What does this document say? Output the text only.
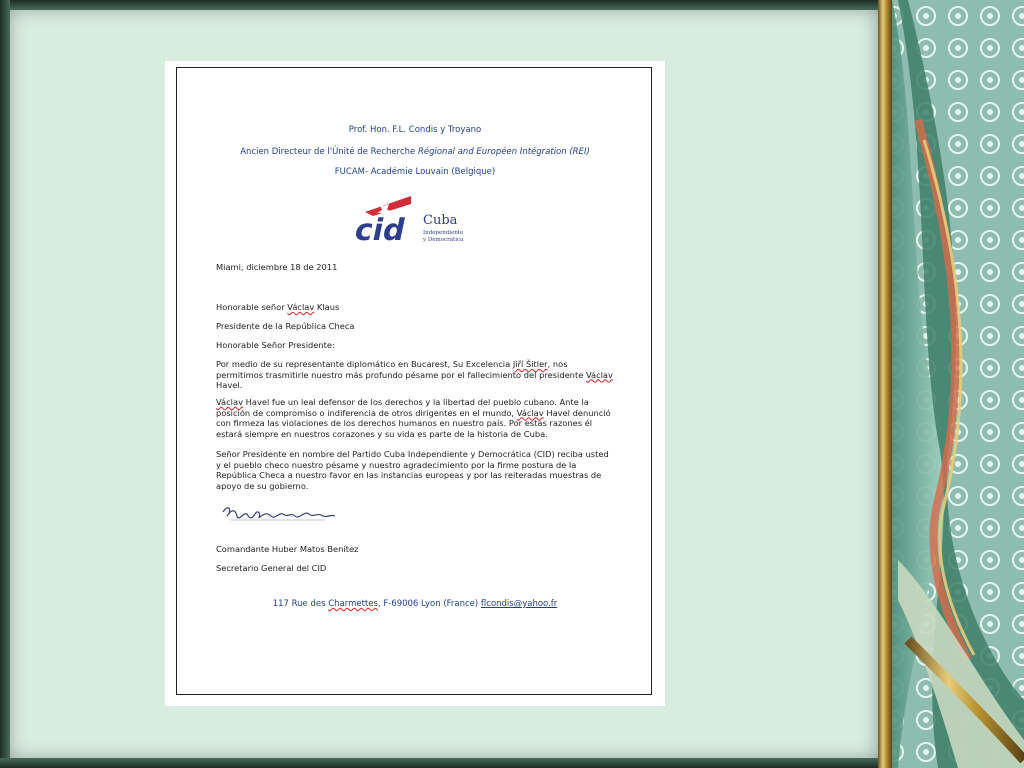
Prof. Hon. F.L. Condis y Troyano
Ancien Directeur de l'Únité de Recherche Régional and Européen Intégration (REI)
FUCAM- Académie Louvain (Belgique)
cid Cuba
Independiente
y Democrática
Miami, diciembre 18 de 2011
Honorable señor Václav Klaus
Presidente de la República Checa
Honorable Señor Presidente:
Por medio de su representante diplomático en Bucarest, Su Excelencia Jiří Šitler, nos permitimos trasmitirle nuestro más profundo pésame por el fallecimiento del presidente Václav Havel.
Václav Havel fue un leal defensor de los derechos y la libertad del pueblo cubano. Ante la posición de compromiso o indiferencia de otros dirigentes en el mundo, Václav Havel denunció con firmeza las violaciones de los derechos humanos en nuestro país. Por estas razones él estará siempre en nuestros corazones y su vida es parte de la historia de Cuba.
Señor Presidente en nombre del Partido Cuba Independiente y Democrática (CID) reciba usted y el pueblo checo nuestro pésame y nuestro agradecimiento por la firme postura de la República Checa a nuestro favor en las instancias europeas y por las reiteradas muestras de apoyo de su gobierno.
Comandante Huber Matos Benítez
Secretario General del CID
117 Rue des Charmettes, F-69006 Lyon (France) flcondis@yahoo.fr
